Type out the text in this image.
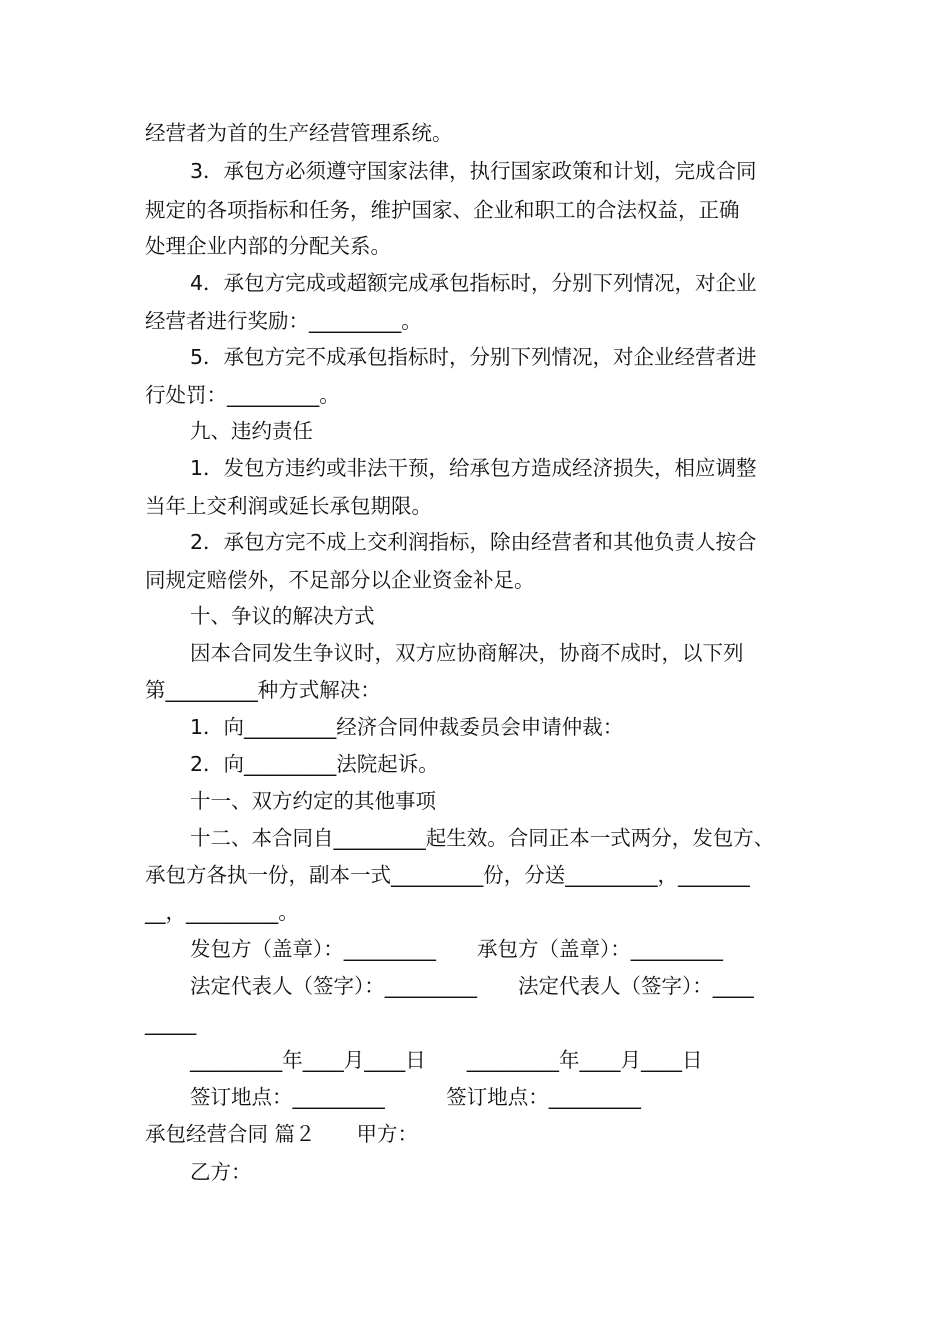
经营者为首的生产经营管理系统。
3．承包方必须遵守国家法律，执行国家政策和计划，完成合同
规定的各项指标和任务，维护国家、企业和职工的合法权益，正确
处理企业内部的分配关系。
4．承包方完成或超额完成承包指标时，分别下列情况，对企业
经营者进行奖励：_________。
5．承包方完不成承包指标时，分别下列情况，对企业经营者进
行处罚：_________。
九、违约责任
1．发包方违约或非法干预，给承包方造成经济损失，相应调整
当年上交利润或延长承包期限。
2．承包方完不成上交利润指标，除由经营者和其他负责人按合
同规定赔偿外，不足部分以企业资金补足。
十、争议的解决方式
因本合同发生争议时，双方应协商解决，协商不成时，以下列
第_________种方式解决：
1．向_________经济合同仲裁委员会申请仲裁：
2．向_________法院起诉。
十一、双方约定的其他事项
十二、本合同自_________起生效。合同正本一式两分，发包方、
承包方各执一份，副本一式_________份，分送_________，_______
__，_________。
发包方（盖章）：_________　　承包方（盖章）：_________
法定代表人（签字）：_________　　法定代表人（签字）：____
_____
_________年____月____日　　_________年____月____日
签订地点：_________　　　签订地点：_________
承包经营合同 篇２　　甲方：
乙方：
